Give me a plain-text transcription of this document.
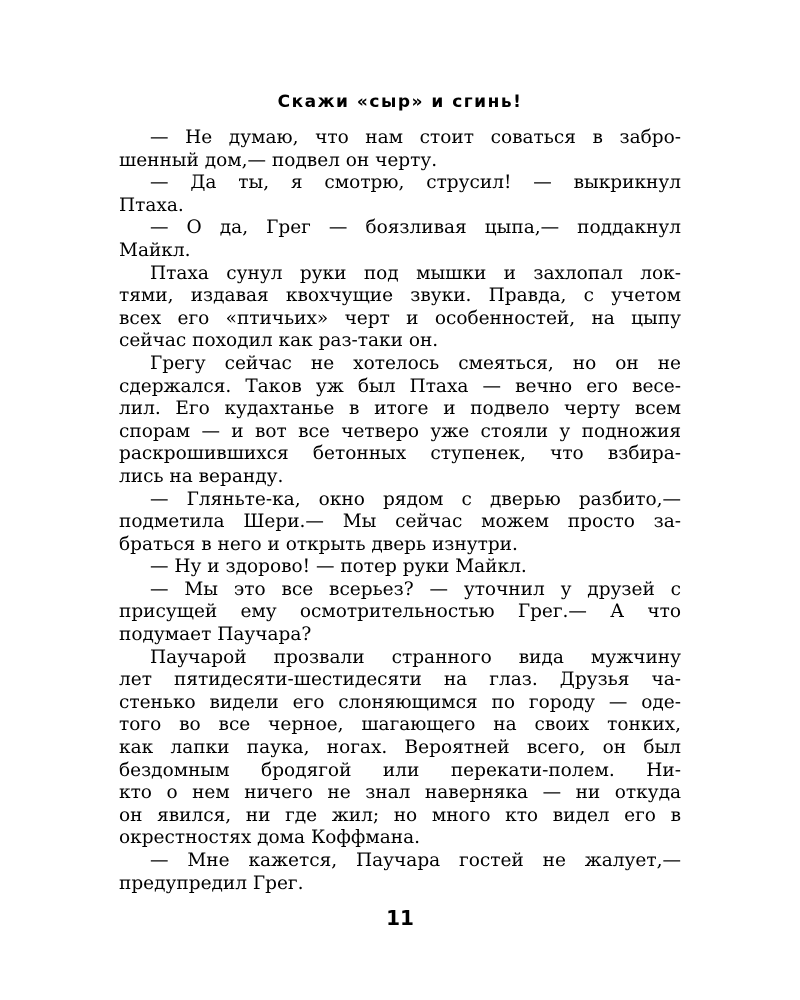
Скажи «сыр» и сгинь!
— Не думаю, что нам стоит соваться в забро-
шенный дом,— подвел он черту.
— Да ты, я смотрю, струсил! — выкрикнул
Птаха.
— О да, Грег — боязливая цыпа,— поддакнул
Майкл.
Птаха сунул руки под мышки и захлопал лок-
тями, издавая квохчущие звуки. Правда, с учетом
всех его «птичьих» черт и особенностей, на цыпу
сейчас походил как раз-таки он.
Грегу сейчас не хотелось смеяться, но он не
сдержался. Таков уж был Птаха — вечно его весе-
лил. Его кудахтанье в итоге и подвело черту всем
спорам — и вот все четверо уже стояли у подножия
раскрошившихся бетонных ступенек, что взбира-
лись на веранду.
— Гляньте-ка, окно рядом с дверью разбито,—
подметила Шери.— Мы сейчас можем просто за-
браться в него и открыть дверь изнутри.
— Ну и здорово! — потер руки Майкл.
— Мы это все всерьез? — уточнил у друзей с
присущей ему осмотрительностью Грег.— А что
подумает Паучара?
Паучарой прозвали странного вида мужчину
лет пятидесяти-шестидесяти на глаз. Друзья ча-
стенько видели его слоняющимся по городу — оде-
того во все черное, шагающего на своих тонких,
как лапки паука, ногах. Вероятней всего, он был
бездомным бродягой или перекати-полем. Ни-
кто о нем ничего не знал наверняка — ни откуда
он явился, ни где жил; но много кто видел его в
окрестностях дома Коффмана.
— Мне кажется, Паучара гостей не жалует,—
предупредил Грег.
11
